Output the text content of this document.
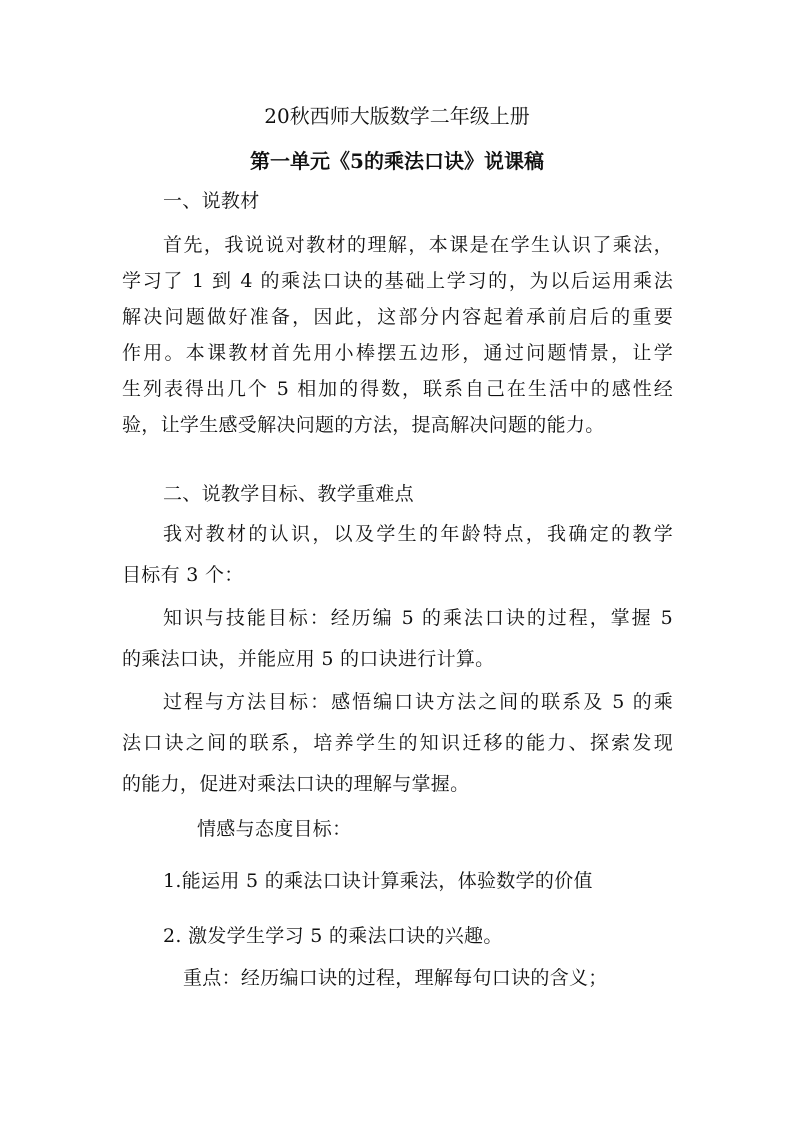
20秋西师大版数学二年级上册
第一单元《5的乘法口诀》说课稿
一、说教材
首先，我说说对教材的理解，本课是在学生认识了乘法，
学习了 1 到 4 的乘法口诀的基础上学习的，为以后运用乘法
解决问题做好准备，因此，这部分内容起着承前启后的重要
作用。本课教材首先用小棒摆五边形，通过问题情景，让学
生列表得出几个 5 相加的得数，联系自己在生活中的感性经
验，让学生感受解决问题的方法，提高解决问题的能力。
二、说教学目标、教学重难点
我对教材的认识，以及学生的年龄特点，我确定的教学
目标有 3 个：
知识与技能目标：经历编 5 的乘法口诀的过程，掌握 5
的乘法口诀，并能应用 5 的口诀进行计算。
过程与方法目标：感悟编口诀方法之间的联系及 5 的乘
法口诀之间的联系，培养学生的知识迁移的能力、探索发现
的能力，促进对乘法口诀的理解与掌握。
情感与态度目标：
1.能运用 5 的乘法口诀计算乘法，体验数学的价值
2. 激发学生学习 5 的乘法口诀的兴趣。
重点：经历编口诀的过程，理解每句口诀的含义；
